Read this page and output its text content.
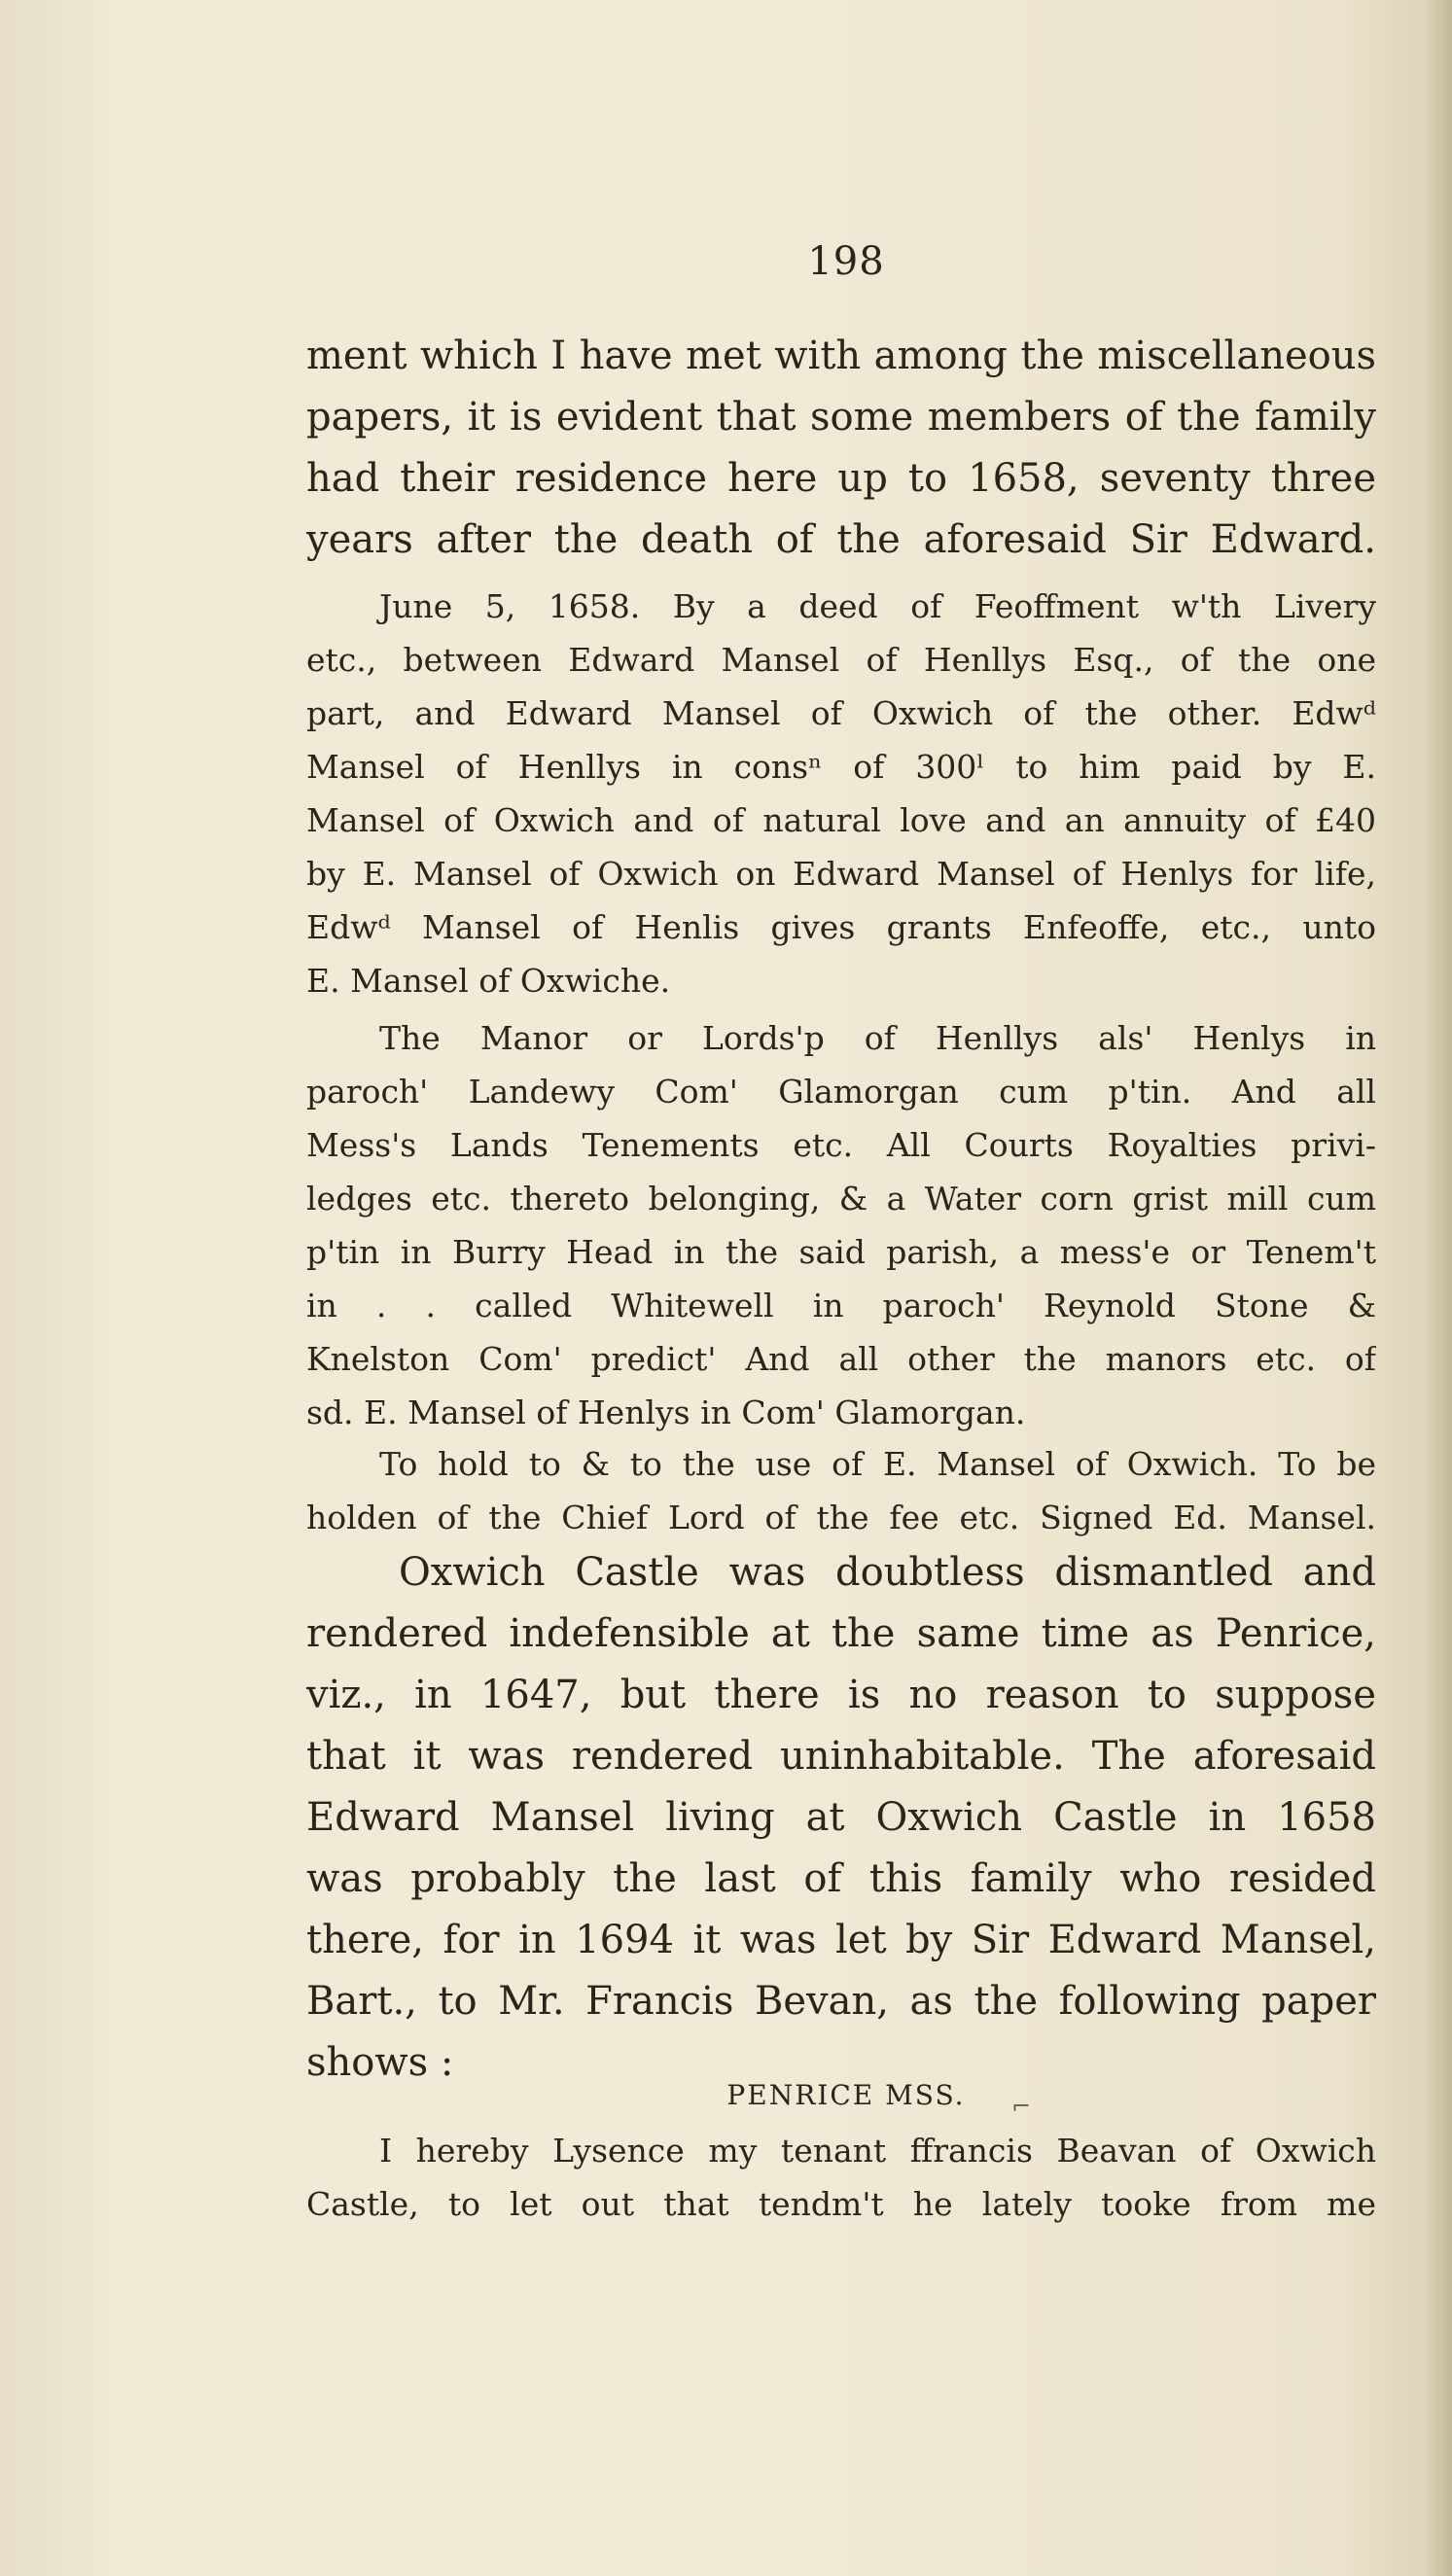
198
ment which I have met with among the miscellaneous
papers, it is evident that some members of the family
had their residence here up to 1658, seventy three
years after the death of the aforesaid Sir Edward.
June 5, 1658. By a deed of Feoffment w'th Livery
etc., between Edward Mansel of Henllys Esq., of the one
part, and Edward Mansel of Oxwich of the other. Edwᵈ
Mansel of Henllys in consⁿ of 300ˡ to him paid by E.
Mansel of Oxwich and of natural love and an annuity of £40
by E. Mansel of Oxwich on Edward Mansel of Henlys for life,
Edwᵈ Mansel of Henlis gives grants Enfeoffe, etc., unto
E. Mansel of Oxwiche.
The Manor or Lords'p of Henllys als' Henlys in
paroch' Landewy Com' Glamorgan cum p'tin. And all
Mess's Lands Tenements etc. All Courts Royalties privi-
ledges etc. thereto belonging, & a Water corn grist mill cum
p'tin in Burry Head in the said parish, a mess'e or Tenem't
in . . called Whitewell in paroch' Reynold Stone &
Knelston Com' predict' And all other the manors etc. of
sd. E. Mansel of Henlys in Com' Glamorgan.
To hold to & to the use of E. Mansel of Oxwich. To be
holden of the Chief Lord of the fee etc. Signed Ed. Mansel.
Oxwich Castle was doubtless dismantled and
rendered indefensible at the same time as Penrice,
viz., in 1647, but there is no reason to suppose
that it was rendered uninhabitable. The aforesaid
Edward Mansel living at Oxwich Castle in 1658
was probably the last of this family who resided
there, for in 1694 it was let by Sir Edward Mansel,
Bart., to Mr. Francis Bevan, as the following paper
shows :
PENRICE MSS.	⌐
I hereby Lysence my tenant ffrancis Beavan of Oxwich
Castle, to let out that tendm't he lately tooke from me
